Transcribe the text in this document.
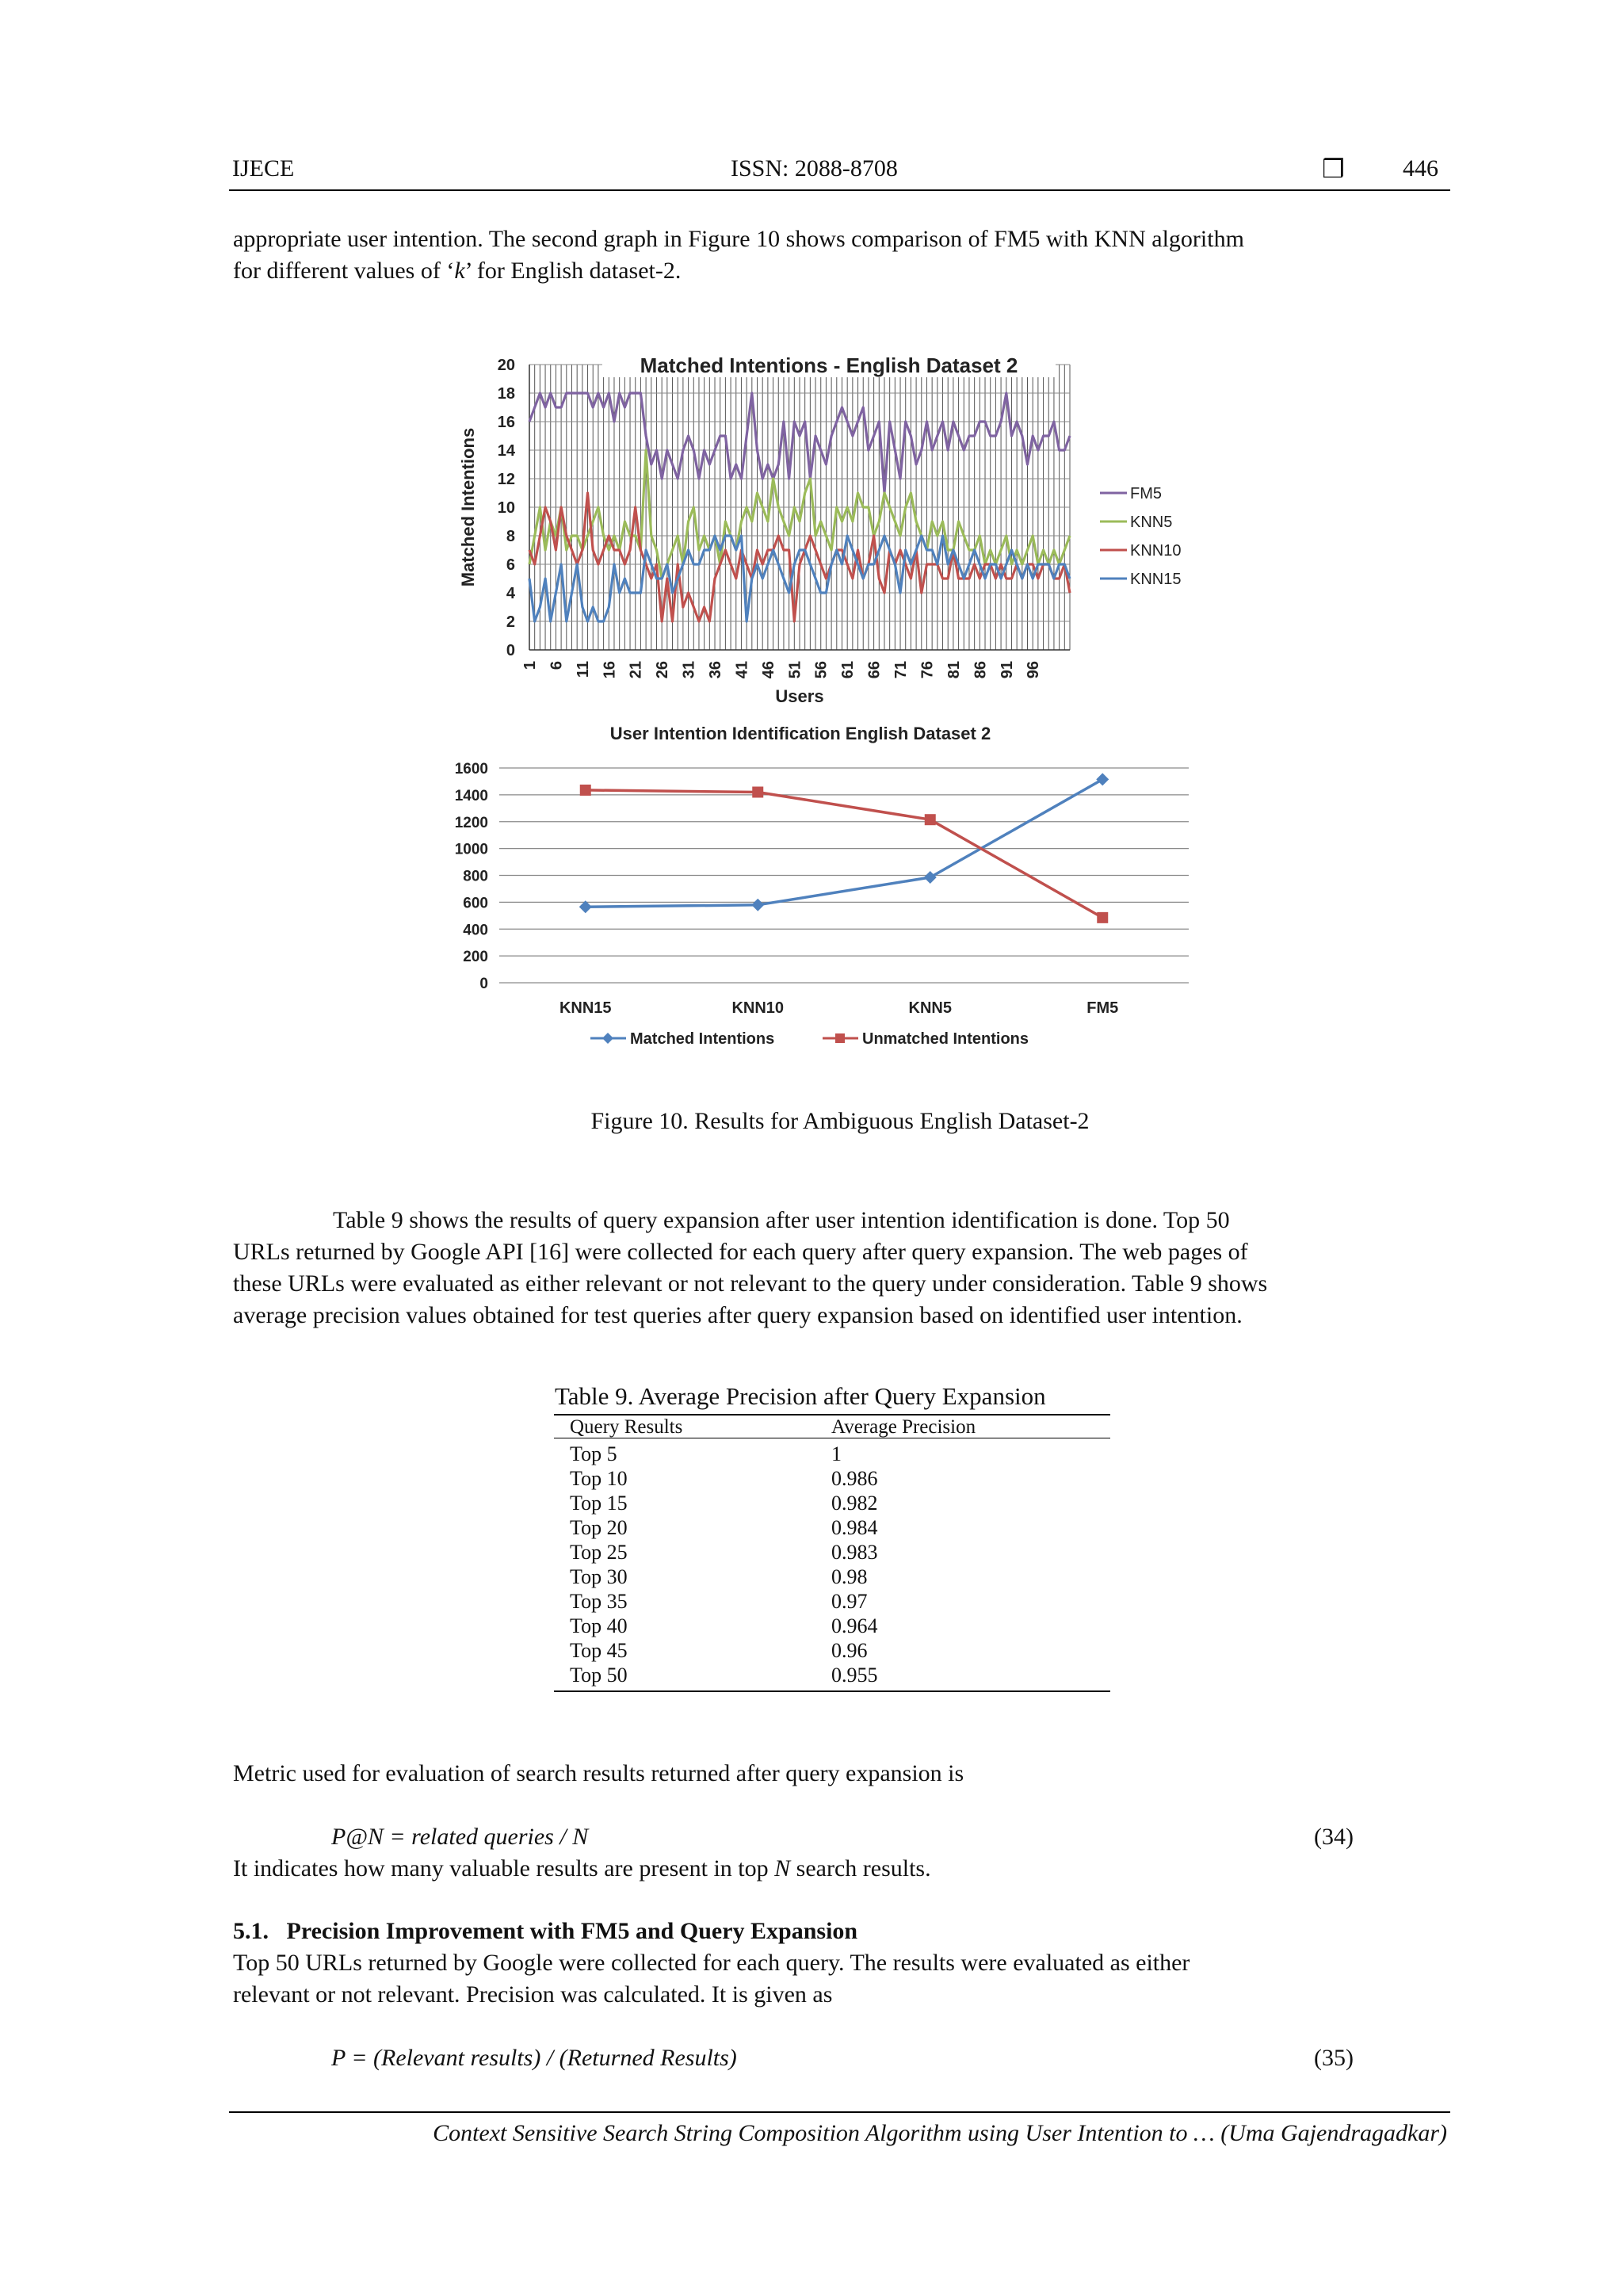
IJECE	ISSN: 2088-8708	❒ 446
appropriate user intention. The second graph in Figure 10 shows comparison of FM5 with KNN algorithm
for different values of ‘k’ for English dataset-2.
0
2
4
6
8
10
12
14
16
18
20
1 6 11 16 21 26 31 36 41 46 51 56 61 66 71 76 81 86 91 96
Matched Intentions - English Dataset 2
Users
Matched Intentions	FM5
KNN5
KNN10
KNN15
User Intention Identification English Dataset 2
0
200
400
600
800
1000
1200
1400
1600
KNN15	KNN10	KNN5	FM5
Matched Intentions	Unmatched Intentions
Figure 10. Results for Ambiguous English Dataset-2
Table 9 shows the results of query expansion after user intention identification is done. Top 50
URLs returned by Google API [16] were collected for each query after query expansion. The web pages of
these URLs were evaluated as either relevant or not relevant to the query under consideration. Table 9 shows
average precision values obtained for test queries after query expansion based on identified user intention.
Table 9. Average Precision after Query Expansion
Query Results	Average Precision
Top 5	1
Top 10	0.986
Top 15	0.982
Top 20	0.984
Top 25	0.983
Top 30	0.98
Top 35	0.97
Top 40	0.964
Top 45	0.96
Top 50	0.955
Metric used for evaluation of search results returned after query expansion is
P@N = related queries / N	(34)
It indicates how many valuable results are present in top N search results.
5.1. Precision Improvement with FM5 and Query Expansion
Top 50 URLs returned by Google were collected for each query. The results were evaluated as either
relevant or not relevant. Precision was calculated. It is given as
P = (Relevant results) / (Returned Results)	(35)
Context Sensitive Search String Composition Algorithm using User Intention to … (Uma Gajendragadkar)
